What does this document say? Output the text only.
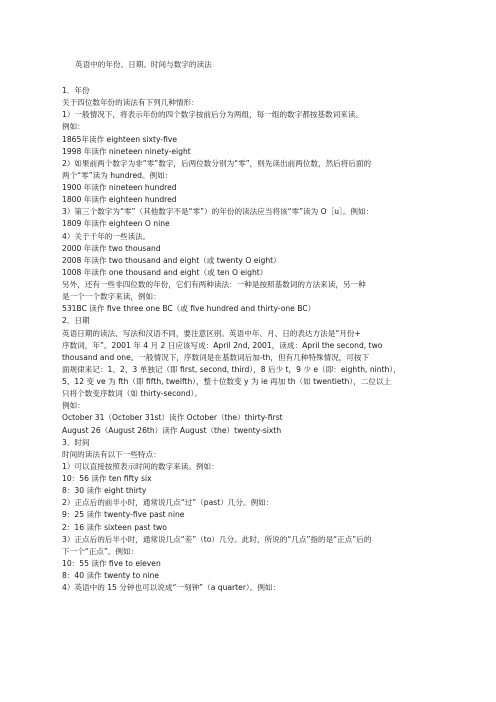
英语中的年份、日期、时间与数字的读法

1．年份

关于四位数年份的读法有下列几种情形：

1）一般情况下，将表示年份的四个数字按前后分为两组，每一组的数字都按基数词来读。

例如：

1865年读作 eighteen sixty-five

1998 年读作 nineteen ninety-eight

2）如果前两个数字为非“零”数字，后两位数分别为“零”，则先读出前两位数，然后将后面的

两个“零”读为 hundred。例如：

1900 年读作 nineteen hundred

1800 年读作 eighteen hundred

3）第三个数字为“零”（其他数字不是“零”）的年份的读法应当将该“零”读为 O［u］。例如：

1809 年读作 eighteen O nine

4）关于千年的一些读法。

2000 年读作 two thousand

2008 年读作 two thousand and eight（或 twenty O eight）

1008 年读作 one thousand and eight（或 ten O eight）

另外，还有一些非四位数的年份，它们有两种读法：一种是按照基数词的方法来读，另一种

是一个一个数字来读，例如：

531BC 读作 five three one BC（或 five hundred and thirty-one BC）

2．日期

英语日期的读法、写法和汉语不同，要注意区别。英语中年、月、日的表达方法是“月份+

序数词，年”。2001 年 4 月 2 日应该写成：April 2nd, 2001，读成：April the second, two

thousand and one。一般情况下，序数词是在基数词后加-th，但有几种特殊情况，可按下

面规律来记：1、2、3 单独记（即 first, second, third），8 后少 t，9 少 e（即：eighth, ninth），

5、12 变 ve 为 fth（即 fifth, twelfth），整十位数变 y 为 ie 再加 th（如 twentieth），二位以上

只将个数变序数词（如 thirty-second）。

例如：

October 31（October 31st）读作 October（the）thirty-first

August 26（August 26th）读作 August（the）twenty-sixth

3．时间

时间的读法有以下一些特点：

1）可以直接按照表示时间的数字来读。例如：

10：56 读作 ten fifty six

8：30 读作 eight thirty

2）正点后的前半小时，通常说几点“过”（past）几分。例如：

9：25 读作 twenty-five past nine

2：16 读作 sixteen past two

3）正点后的后半小时，通常说几点“差”（to）几分。此时，所说的“几点”指的是“正点”后的

下一个“正点”。例如：

10：55 读作 five to eleven

8：40 读作 twenty to nine

4）英语中的 15 分钟也可以说成“一刻钟”（a quarter）。例如：
